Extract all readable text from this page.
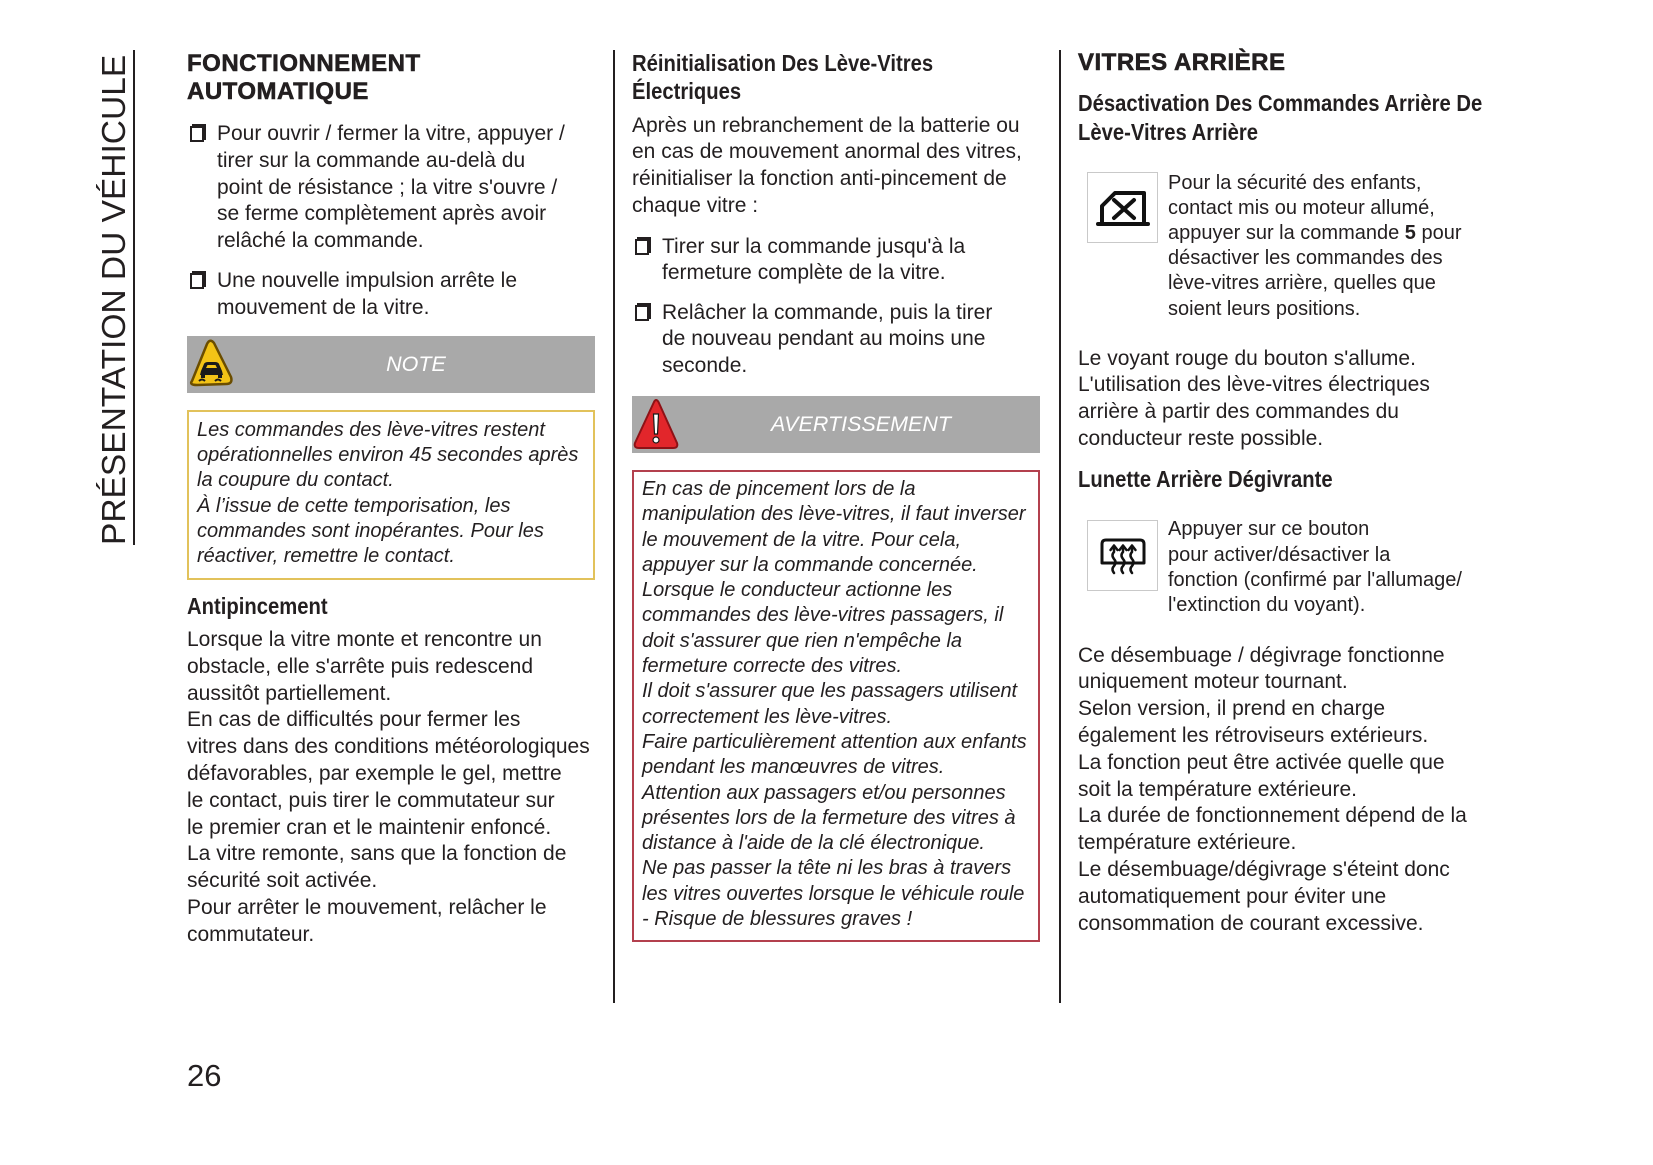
PRÉSENTATION DU VÉHICULE FONCTIONNEMENT
AUTOMATIQUE
Pour ouvrir / fermer la vitre, appuyer /
tirer sur la commande au-delà du
point de résistance ; la vitre s'ouvre /
se ferme complètement après avoir
relâché la commande.
Une nouvelle impulsion arrête le
mouvement de la vitre.
NOTE
Les commandes des lève-vitres restent
opérationnelles environ 45 secondes après
la coupure du contact.
À l’issue de cette temporisation, les
commandes sont inopérantes. Pour les
réactiver, remettre le contact.
Antipincement
Lorsque la vitre monte et rencontre un
obstacle, elle s'arrête puis redescend
aussitôt partiellement.
En cas de difficultés pour fermer les
vitres dans des conditions météorologiques
défavorables, par exemple le gel, mettre
le contact, puis tirer le commutateur sur
le premier cran et le maintenir enfoncé.
La vitre remonte, sans que la fonction de
sécurité soit activée.
Pour arrêter le mouvement, relâcher le
commutateur.
Réinitialisation Des Lève-Vitres
Électriques
Après un rebranchement de la batterie ou
en cas de mouvement anormal des vitres,
réinitialiser la fonction anti-pincement de
chaque vitre :
Tirer sur la commande jusqu'à la
fermeture complète de la vitre.
Relâcher la commande, puis la tirer
de nouveau pendant au moins une
seconde.
AVERTISSEMENT
En cas de pincement lors de la
manipulation des lève-vitres, il faut inverser
le mouvement de la vitre. Pour cela,
appuyer sur la commande concernée.
Lorsque le conducteur actionne les
commandes des lève-vitres passagers, il
doit s'assurer que rien n'empêche la
fermeture correcte des vitres.
Il doit s'assurer que les passagers utilisent
correctement les lève-vitres.
Faire particulièrement attention aux enfants
pendant les manœuvres de vitres.
Attention aux passagers et/ou personnes
présentes lors de la fermeture des vitres à
distance à l'aide de la clé électronique.
Ne pas passer la tête ni les bras à travers
les vitres ouvertes lorsque le véhicule roule
- Risque de blessures graves !
VITRES ARRIÈRE
Désactivation Des Commandes Arrière De
Lève-Vitres Arrière
Pour la sécurité des enfants,
contact mis ou moteur allumé,
appuyer sur la commande 5 pour
désactiver les commandes des
lève-vitres arrière, quelles que
soient leurs positions.
Le voyant rouge du bouton s'allume.
L'utilisation des lève-vitres électriques
arrière à partir des commandes du
conducteur reste possible.
Lunette Arrière Dégivrante
Appuyer sur ce bouton
pour activer/désactiver la
fonction (confirmé par l'allumage/
l'extinction du voyant).
Ce désembuage / dégivrage fonctionne
uniquement moteur tournant.
Selon version, il prend en charge
également les rétroviseurs extérieurs.
La fonction peut être activée quelle que
soit la température extérieure.
La durée de fonctionnement dépend de la
température extérieure.
Le désembuage/dégivrage s'éteint donc
automatiquement pour éviter une
consommation de courant excessive.
26
